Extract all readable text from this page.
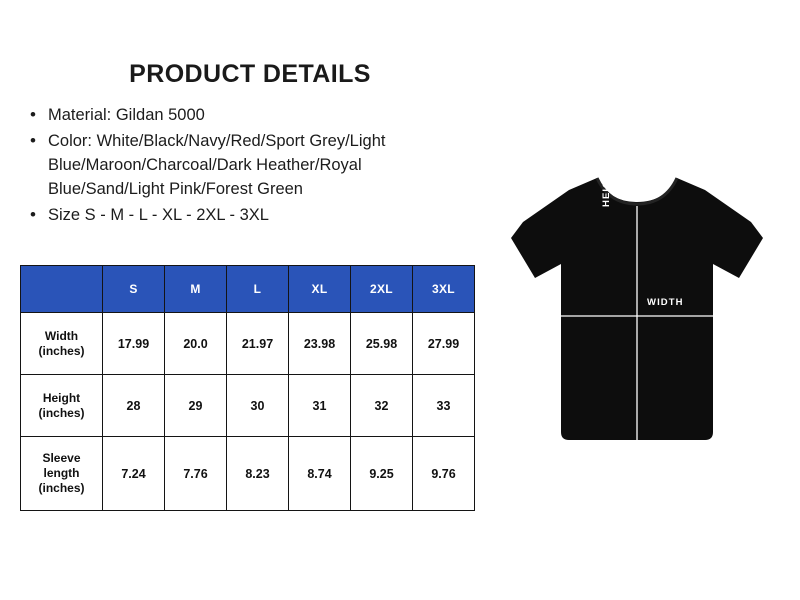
PRODUCT DETAILS
• Material: Gildan 5000
• Color: White/Black/Navy/Red/Sport Grey/Light Blue/Maroon/Charcoal/Dark Heather/Royal Blue/Sand/Light Pink/Forest Green
• Size S - M - L - XL - 2XL - 3XL
	S	M	L	XL	2XL	3XL
Width
(inches)	17.99	20.0	21.97	23.98	25.98	27.99
Height
(inches)	28	29	30	31	32	33
Sleeve
length
(inches)	7.24	7.76	8.23	8.74	9.25	9.76
HEIGHT
WIDTH
